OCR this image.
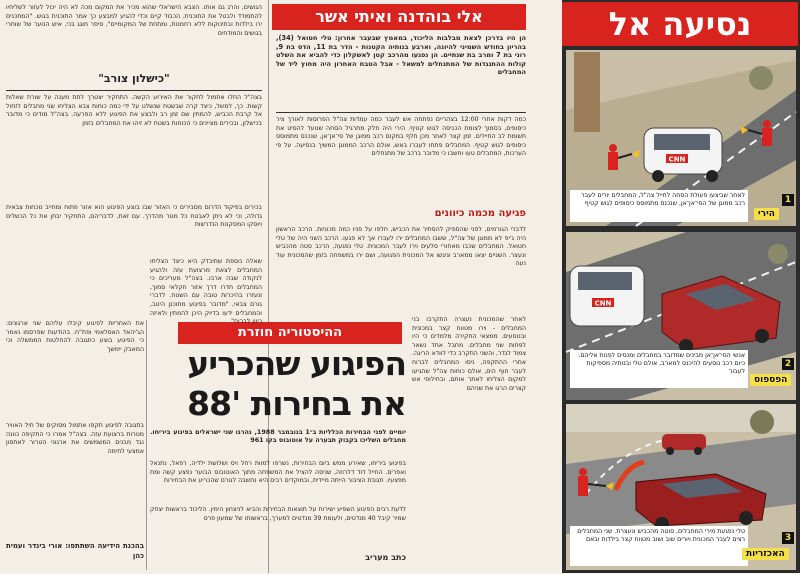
נסיעה אל
CNN
לאחר שביצעו פעולת הסחה לחייל צה"ל, המחבלים יורים לעבר רכב ממוגן של הסי־אן־אן, שנכנס מתמוסס כיסופים לגוש קטיף
הירי
1
CNN
אנשי הסי־אן־אן מבינים שמדובר במחבלים ומנסים לפנות אליהם. כיום רכב נוסעים להיכנס למארב, אולם טלי ובנותיה מספיקות לעבור
הפספוס
2
טלי נפגעת מירי המחבלים, סוטה מהכביש ונעצרת. שני המחבלים רצים לעבר המכונית ויורים שוב ושוב מטווח קצר בילדות ובאם
האכזריות
3
אלי בוהדנה ואיתי אשר

הן היו בדרכן לצאת מבלבות הליכוד, במאמץ שבעבר אחרון: טלי חטואל (34), בהריון בחודש השמיני להיונה, וארבע בנותיה הקטנות - הדר בת 11, הדס בת 9, רוני בת 7 ומרב בת שנתיים. הן נפגעו מהרכב קטן לאשקלון כדי להביא את השלט קולות ההתנגדות של המתנחלים למשאל - אבל הטבח האחרון היה מחוץ ליד של המחבלים

כמה דקות אחרי 12:00 בצהריים נפתחה אש לעבר כמה עמדות צה"ל הפרוסות לאורך ציר כיסופים, בסמוך לצומת הכניסה לגוש קטיף. הירי היה חלק מתרגיל הסחה שנועד להסיט את תשומת לב החיילים. זמן קצר לאחר מכן חלף במקום רכב ממוגן של סי־אן־אן, שנכנס מתמוסס כיסופים לגוש קטיף. המחבלים פתחו לעברו באש, אולם הרכב הממוגן המשיך בנסיעה. על פי הערכות, המחבלים טעו וחשבו כי מדובר ברכב של מתנחלים

פגיעה מכמה כיוונים

לדברי הגורמים, לפני שהספיק להסתיר את הכביש, חלפו על פניו כמה מכוניות. הרכב הראשון היה ג'יפ לא ממוגן של צה"ל, ששבו המחבלים ירו לעברו אך לא פגעו. הרכב השני היה של טלי חטואל. המחבלים שכבו מאחורי סלעים וירו לעבר המכונית. טלי נפגעה, הרכב סטה מהכביש ונעצר. השניים יצאו ממארב וניגשו אל המכונית הפגועה, ושם ירו במשפחה בזמן שהמכונית עוד נעה

לאחר שהמכונית נעצרה התקרבו בני המחבלים - וירו מטווח קצר במכונית ובנוסעים. ממצאי החקירה מלמדים כי היו לפחות שני מחבלים. מחבל אחד נשאר צמוד לגדר, והשני התקרב כדי לוודא הריגה. אחרי ההתקפה, ניסו המחבלים לברוח לעבר חוף הים, אולם כוחות צה"ל שהגיעו למקום הצליחו לאתר אותם, ובחילופי אש קצרים הרגו את שניהם

ההיסטוריה חוזרת
הפיגוע שהכריע
את בחירות '88

יומיים לפני הבחירות הכלליות ב־1 בנובמבר 1988, נהרגו שני ישראלים בפיגוע ביריחו. מחבלים השליכו בקבוק תבערה על אוטובוס בקו 961

בפיגוע ביריחו, שאירע ממש ביום הבחירות, נשרפו למוות רחל ויס ושלושת ילדיה, רפאל, נתנאל ואפרים. החייל דוד דלרוזה, שניסה להציל את המשפחה מתוך האוטובוס הבוער נפצע קשה ומת מפצעיו. תגובת הציבור הייתה מיידית, ובמוקדים רבים היא נחשבה לגורם שהכריע את הבחירות

לדעת רבים הפיגוע השפיע ישירות על תוצאות הבחירות והביא לניצחון הימין. הליכוד בראשות יצחק שמיר קיבל 40 מנדטים, ולעומת 39 מנדטים למערך, בראשותו של שמעון פרס

כתב מעריב

הגושים, והרג גם אותו. הצבא הישראלי שהוא מכיר את המקום מכה לא היה יכול לעזור לשליחיו להתמודד ולבטל את התוכנית. הכבוד קיים וכדי להגיע למבצע כך אמר התוכנית בגוש. "המתכנים ירו בילדות ובתינוקות ללא רחמנות, ומתחת של המקומיים", סיפר חוגג בכי, איש הנוער של שוחרי בגושים והמודחים

"כישלון צורב"

בצה"ל החלו אתמול לחקור את האירוע הקשה. התחקיר יצטרך לתת מענה על שורת שאלות קשות. כך, למשל, כיצד קרה שבשטח שנשלט על ידי כמה כוחות צבא הצליחו שני מחבלים לזחול אל קרבת הכביש, להמתין שם זמן רב ולבצע את הפיגוע ללא הפרעה. בצה"ל מודים כי מדובר בכישלון, ובכירים מציינים כי הכוחות בשטח לא זיהו את המחבלים בזמן

בכירים בפיקוד הדרום מסבירים כי האזור שבו בוצע הפיגוע הוא אזור פתוח ומחייב נוכחות צבאית גדולה, וכי לא ניתן לאבטח כל מטר מהדרך. עם זאת, לדבריהם, התחקיר יבחן את כל הכשלים ויוסקו המסקנות הנדרשות

שאלה נוספת שתיבדק היא כיצד הצליחו המחבלים לצאת מרצועת עזה ולהגיע לנקודה שבה ארבו. בצה"ל מעריכים כי המחבלים חדרו דרך אזור חקלאי סמוך, ונעזרו בהיכרות טובה עם השטח. לדברי גורם צבאי, "מדובר בפיגוע מתוכנן היטב, והמחבלים ידעו בדיוק היכן להמתין ולאיזה כיוון לברוח"

את האחריות לפיגוע קיבלו עליהם שני ארגונים: הג'יהאד האסלאמי ופת"ח. בהודעות שפרסמו נאמר כי הפיגוע בוצע כתגובה להחלטות הממשלה וכי המאבק יימשך

בתגובה לפיגוע תקפו אתמול מסוקים של חיל האוויר מטרות ברצועת עזה. בצה"ל אמרו כי התקיפה כוונה נגד מבנים המשמשים את ארגוני הטרור לאחסון אמצעי לחימה

בהכנת הידיעה השתתפו: אורי בינדר ועמית כהן
